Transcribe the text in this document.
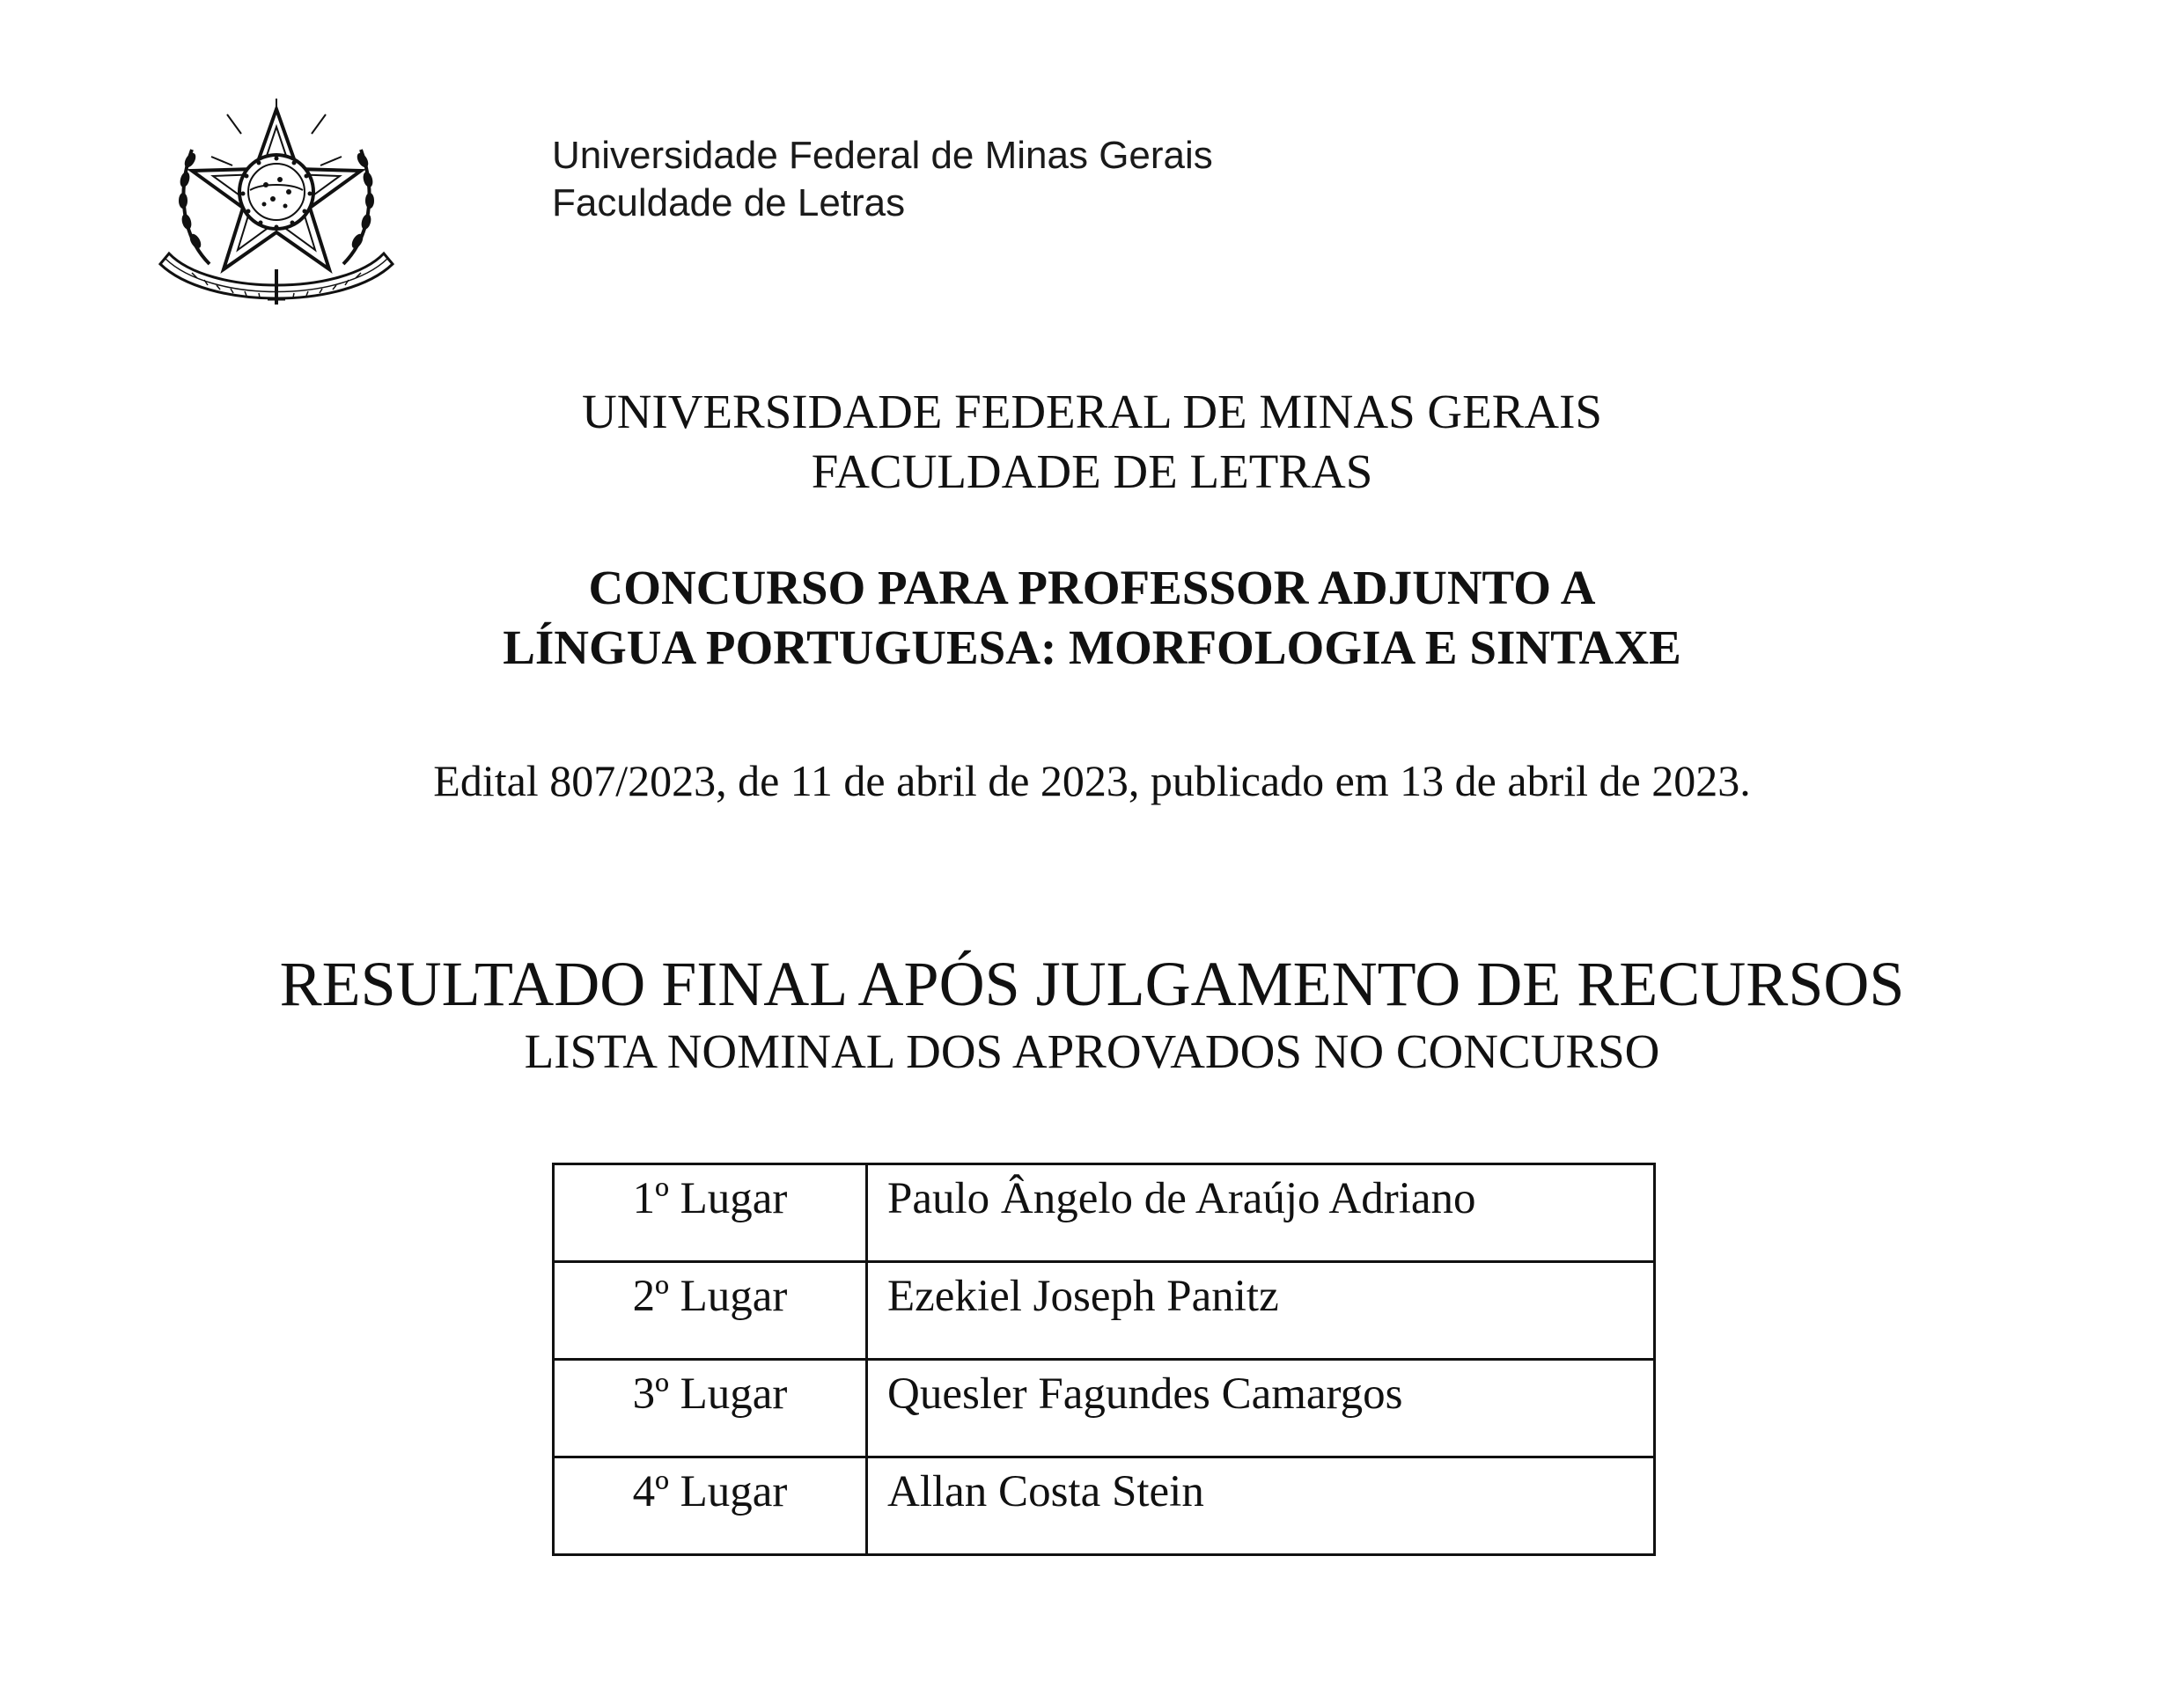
Universidade Federal de Minas Gerais
Faculdade de Letras
UNIVERSIDADE FEDERAL DE MINAS GERAIS
FACULDADE DE LETRAS
CONCURSO PARA PROFESSOR ADJUNTO A
LÍNGUA PORTUGUESA: MORFOLOGIA E SINTAXE
Edital 807/2023, de 11 de abril de 2023, publicado em 13 de abril de 2023.
RESULTADO FINAL APÓS JULGAMENTO DE RECURSOS
LISTA NOMINAL DOS APROVADOS NO CONCURSO
1º Lugar	Paulo Ângelo de Araújo Adriano
2º Lugar	Ezekiel Joseph Panitz
3º Lugar	Quesler Fagundes Camargos
4º Lugar	Allan Costa Stein
